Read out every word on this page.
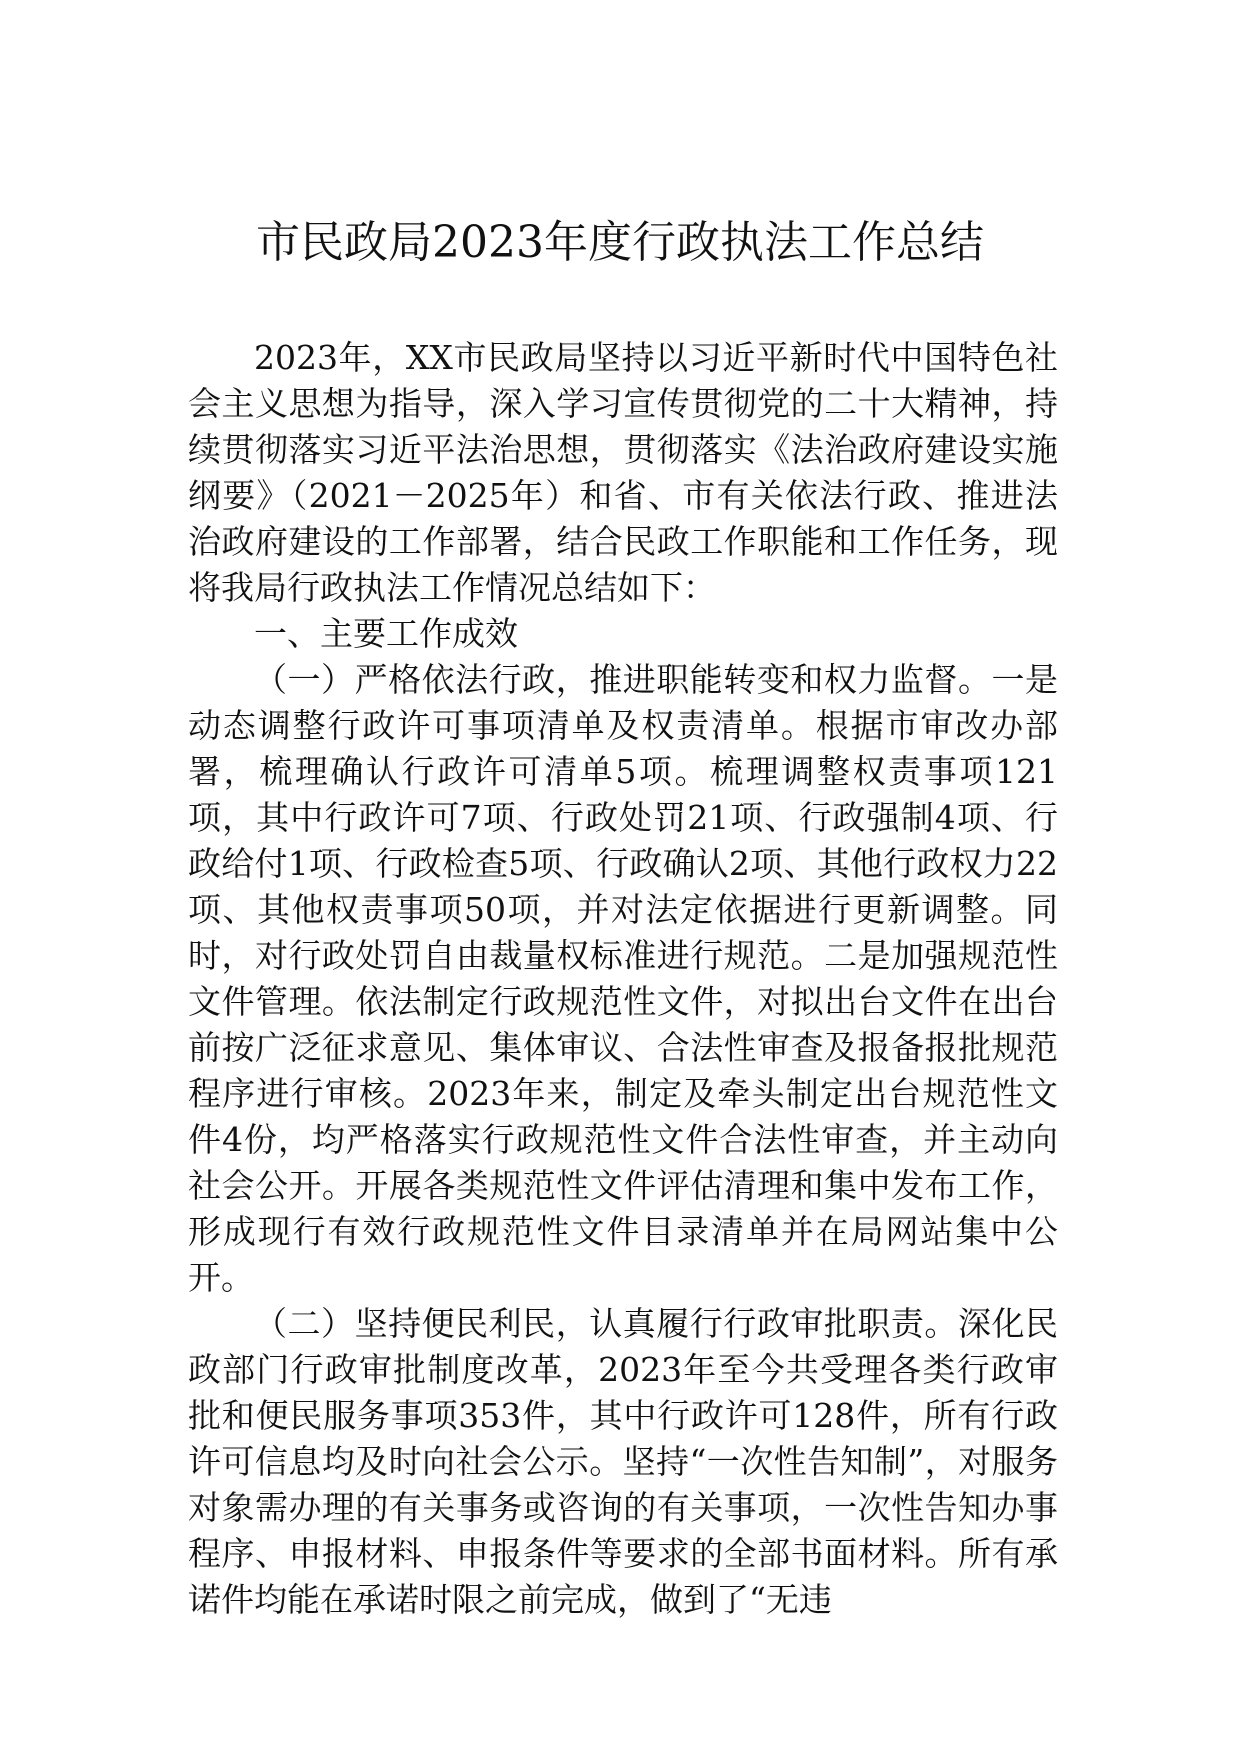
市民政局2023年度行政执法工作总结

2023年，XX市民政局坚持以习近平新时代中国特色社会主义思想为指导，深入学习宣传贯彻党的二十大精神，持续贯彻落实习近平法治思想，贯彻落实《法治政府建设实施纲要》（2021－2025年）和省、市有关依法行政、推进法治政府建设的工作部署，结合民政工作职能和工作任务，现将我局行政执法工作情况总结如下：

一、主要工作成效

（一）严格依法行政，推进职能转变和权力监督。一是动态调整行政许可事项清单及权责清单。根据市审改办部署，梳理确认行政许可清单5项。梳理调整权责事项121项，其中行政许可7项、行政处罚21项、行政强制4项、行政给付1项、行政检查5项、行政确认2项、其他行政权力22项、其他权责事项50项，并对法定依据进行更新调整。同时，对行政处罚自由裁量权标准进行规范。二是加强规范性文件管理。依法制定行政规范性文件，对拟出台文件在出台前按广泛征求意见、集体审议、合法性审查及报备报批规范程序进行审核。2023年来，制定及牵头制定出台规范性文件4份，均严格落实行政规范性文件合法性审查，并主动向社会公开。开展各类规范性文件评估清理和集中发布工作，形成现行有效行政规范性文件目录清单并在局网站集中公开。

（二）坚持便民利民，认真履行行政审批职责。深化民政部门行政审批制度改革，2023年至今共受理各类行政审批和便民服务事项353件，其中行政许可128件，所有行政许可信息均及时向社会公示。坚持“一次性告知制”，对服务对象需办理的有关事务或咨询的有关事项，一次性告知办事程序、申报材料、申报条件等要求的全部书面材料。所有承诺件均能在承诺时限之前完成，做到了“无违
